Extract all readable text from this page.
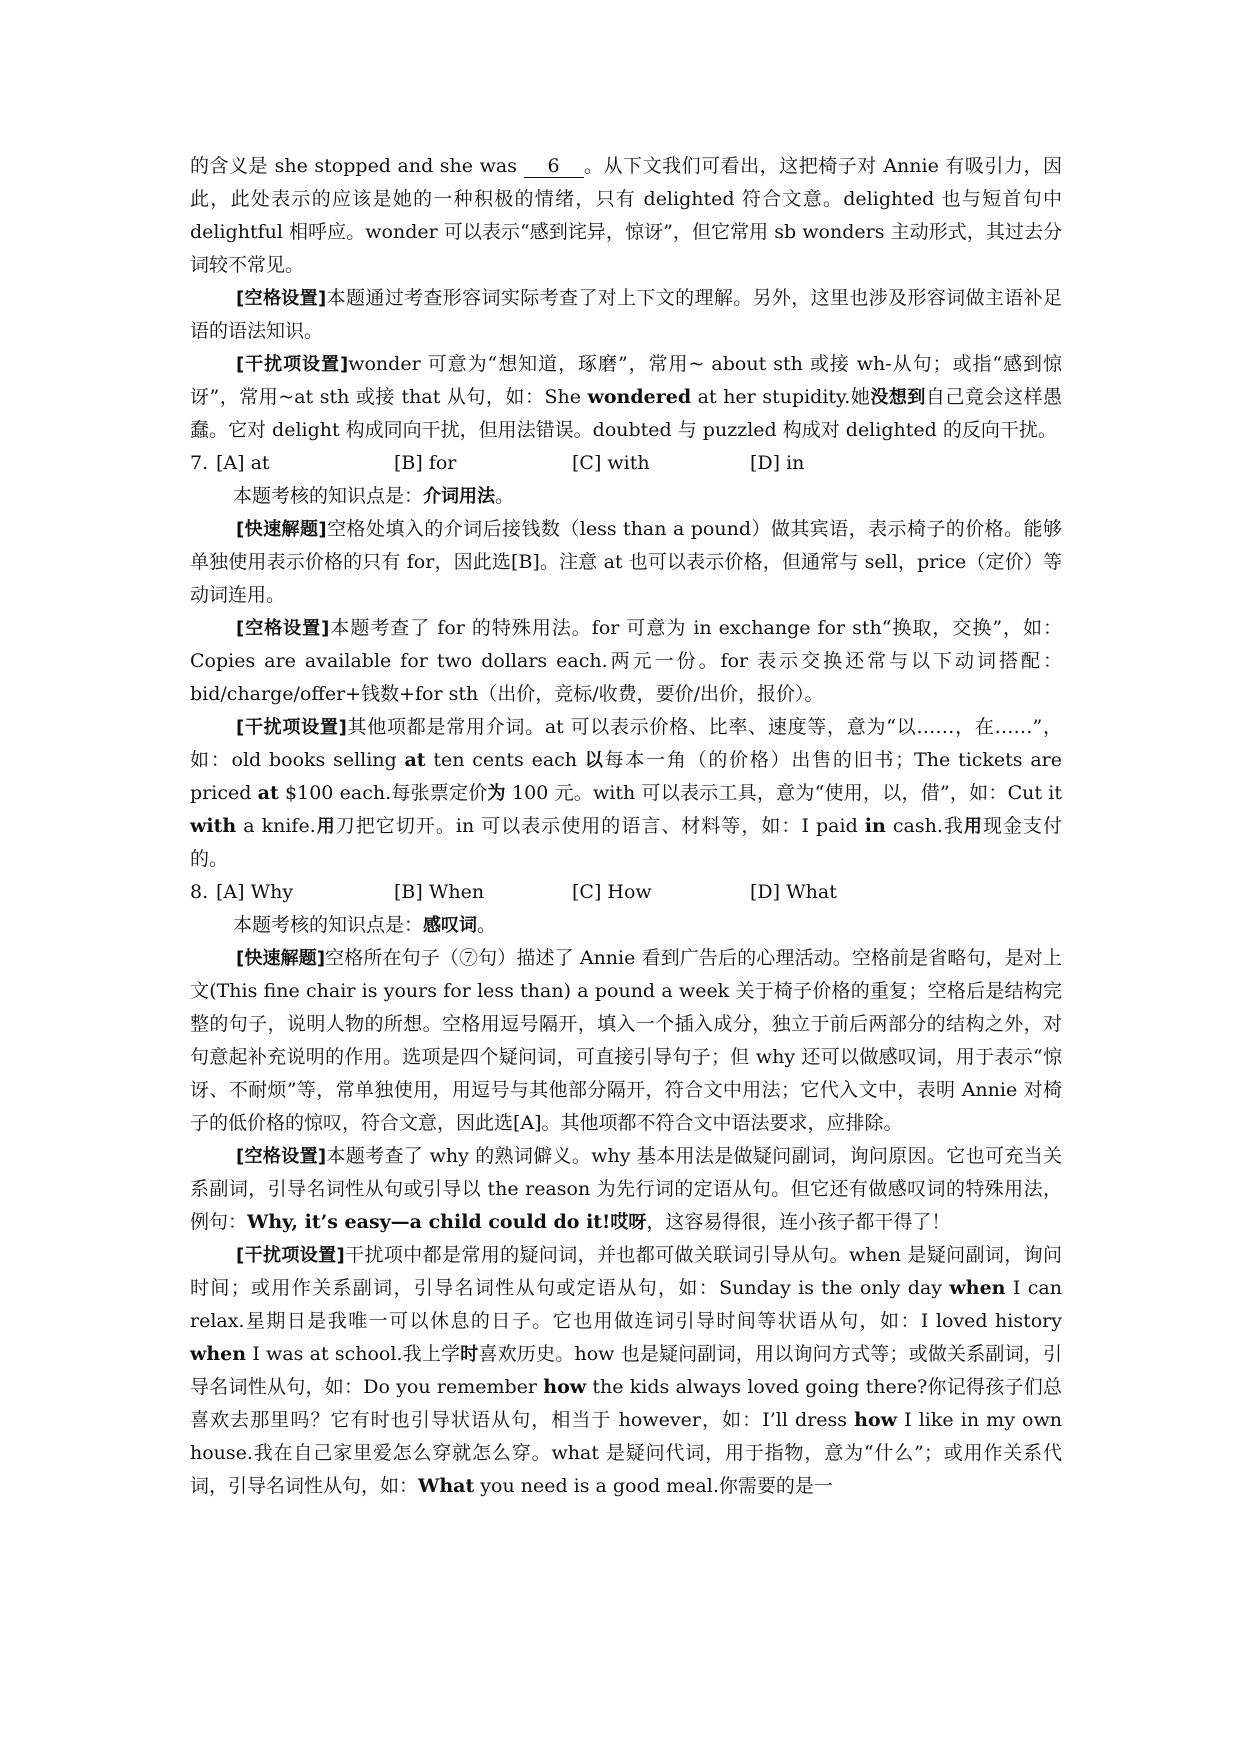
的含义是 she stopped and she was 6 。从下文我们可看出，这把椅子对 Annie 有吸引力，因此，此处表示的应该是她的一种积极的情绪，只有 delighted 符合文意。delighted 也与短首句中 delightful 相呼应。wonder 可以表示“感到诧异，惊讶”，但它常用 sb wonders 主动形式，其过去分词较不常见。

[空格设置]本题通过考查形容词实际考查了对上下文的理解。另外，这里也涉及形容词做主语补足语的语法知识。

[干扰项设置]wonder 可意为“想知道，琢磨”，常用~ about sth 或接 wh-从句；或指“感到惊讶”，常用~at sth 或接 that 从句，如：She wondered at her stupidity.她没想到自己竟会这样愚蠢。它对 delight 构成同向干扰，但用法错误。doubted 与 puzzled 构成对 delighted 的反向干扰。

7. [A] at	[B] for	[C] with	[D] in

本题考核的知识点是：介词用法。

[快速解题]空格处填入的介词后接钱数（less than a pound）做其宾语，表示椅子的价格。能够单独使用表示价格的只有 for，因此选[B]。注意 at 也可以表示价格，但通常与 sell，price（定价）等动词连用。

[空格设置]本题考查了 for 的特殊用法。for 可意为 in exchange for sth“换取，交换”，如：Copies are available for two dollars each.两元一份。for 表示交换还常与以下动词搭配：bid/charge/offer+钱数+for sth（出价，竞标/收费，要价/出价，报价）。

[干扰项设置]其他项都是常用介词。at 可以表示价格、比率、速度等，意为“以……，在……”，如：old books selling at ten cents each 以每本一角（的价格）出售的旧书；The tickets are priced at $100 each.每张票定价为 100 元。with 可以表示工具，意为“使用，以，借”，如：Cut it with a knife.用刀把它切开。in 可以表示使用的语言、材料等，如：I paid in cash.我用现金支付的。

8. [A] Why	[B] When	[C] How	[D] What

本题考核的知识点是：感叹词。

[快速解题]空格所在句子（⑦句）描述了 Annie 看到广告后的心理活动。空格前是省略句，是对上文(This fine chair is yours for less than) a pound a week 关于椅子价格的重复；空格后是结构完整的句子，说明人物的所想。空格用逗号隔开，填入一个插入成分，独立于前后两部分的结构之外，对句意起补充说明的作用。选项是四个疑问词，可直接引导句子；但 why 还可以做感叹词，用于表示“惊讶、不耐烦”等，常单独使用，用逗号与其他部分隔开，符合文中用法；它代入文中，表明 Annie 对椅子的低价格的惊叹，符合文意，因此选[A]。其他项都不符合文中语法要求，应排除。

[空格设置]本题考查了 why 的熟词僻义。why 基本用法是做疑问副词，询问原因。它也可充当关系副词，引导名词性从句或引导以 the reason 为先行词的定语从句。但它还有做感叹词的特殊用法，例句：Why, it’s easy—a child could do it!哎呀，这容易得很，连小孩子都干得了！

[干扰项设置]干扰项中都是常用的疑问词，并也都可做关联词引导从句。when 是疑问副词，询问时间；或用作关系副词，引导名词性从句或定语从句，如：Sunday is the only day when I can relax.星期日是我唯一可以休息的日子。它也用做连词引导时间等状语从句，如：I loved history when I was at school.我上学时喜欢历史。how 也是疑问副词，用以询问方式等；或做关系副词，引导名词性从句，如：Do you remember how the kids always loved going there?你记得孩子们总喜欢去那里吗？它有时也引导状语从句，相当于 however，如：I’ll dress how I like in my own house.我在自己家里爱怎么穿就怎么穿。what 是疑问代词，用于指物，意为“什么”；或用作关系代词，引导名词性从句，如：What you need is a good meal.你需要的是一
